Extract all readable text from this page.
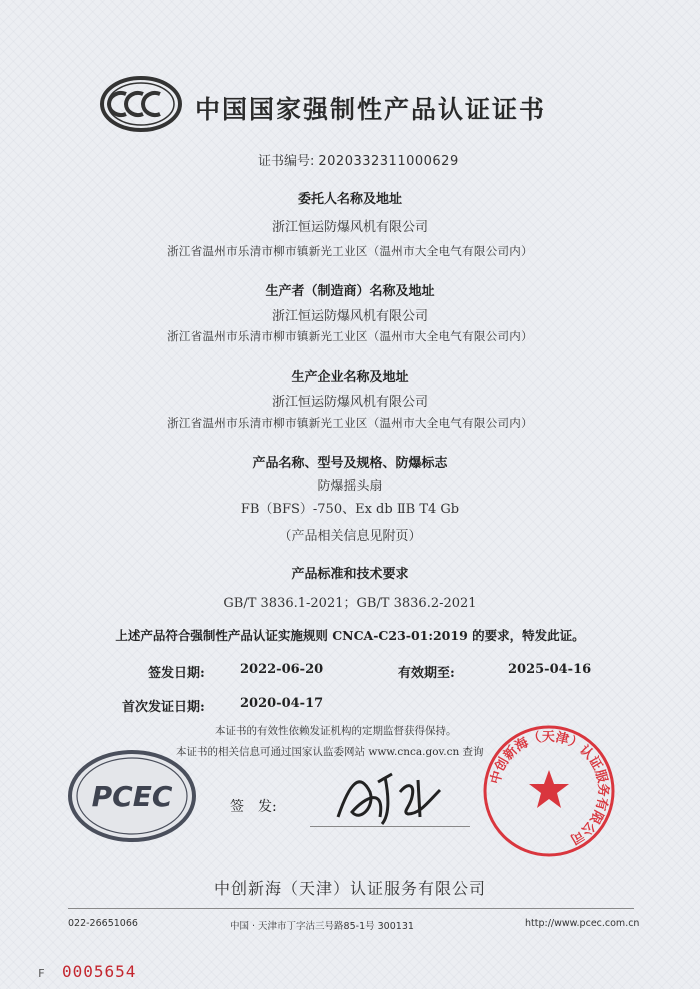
中国国家强制性产品认证证书
证书编号: 2020332311000629
委托人名称及地址
浙江恒运防爆风机有限公司
浙江省温州市乐清市柳市镇新光工业区（温州市大全电气有限公司内）
生产者（制造商）名称及地址
浙江恒运防爆风机有限公司
浙江省温州市乐清市柳市镇新光工业区（温州市大全电气有限公司内）
生产企业名称及地址
浙江恒运防爆风机有限公司
浙江省温州市乐清市柳市镇新光工业区（温州市大全电气有限公司内）
产品名称、型号及规格、防爆标志
防爆摇头扇
FB（BFS）-750、Ex db ⅡB T4 Gb
（产品相关信息见附页）
产品标准和技术要求
GB/T 3836.1-2021；GB/T 3836.2-2021
上述产品符合强制性产品认证实施规则 CNCA-C23-01:2019 的要求，特发此证。
签发日期:	2022-06-20	有效期至:	2025-04-16
首次发证日期:	2020-04-17
本证书的有效性依赖发证机构的定期监督获得保持。
本证书的相关信息可通过国家认监委网站 www.cnca.gov.cn 查询
PCEC	签　发:
中创新海（天津）认证服务有限公司
中创新海（天津）认证服务有限公司
022-26651066	中国 · 天津市丁字沽三号路85-1号 300131	http://www.pcec.com.cn
F 0005654
